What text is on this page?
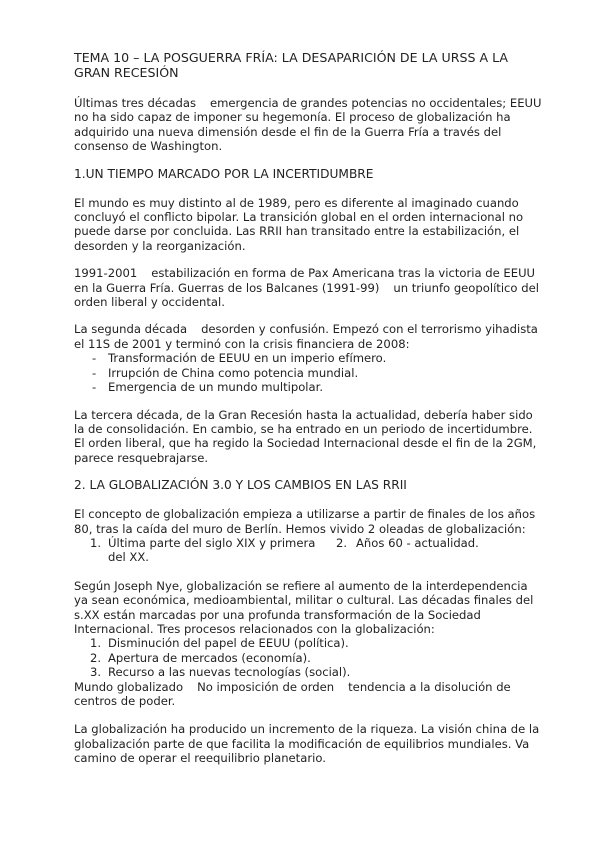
TEMA 10 – LA POSGUERRA FRÍA: LA DESAPARICIÓN DE LA URSS A LA GRAN RECESIÓN

Últimas tres décadas emergencia de grandes potencias no occidentales; EEUU no ha sido capaz de imponer su hegemonía. El proceso de globalización ha adquirido una nueva dimensión desde el fin de la Guerra Fría a través del consenso de Washington.

1.UN TIEMPO MARCADO POR LA INCERTIDUMBRE

El mundo es muy distinto al de 1989, pero es diferente al imaginado cuando concluyó el conflicto bipolar. La transición global en el orden internacional no puede darse por concluida. Las RRII han transitado entre la estabilización, el desorden y la reorganización.

1991-2001 estabilización en forma de Pax Americana tras la victoria de EEUU en la Guerra Fría. Guerras de los Balcanes (1991-99) un triunfo geopolítico del orden liberal y occidental.

La segunda década desorden y confusión. Empezó con el terrorismo yihadista el 11S de 2001 y terminó con la crisis financiera de 2008:

- Transformación de EEUU en un imperio efímero.
- Irrupción de China como potencia mundial.
- Emergencia de un mundo multipolar.

La tercera década, de la Gran Recesión hasta la actualidad, debería haber sido la de consolidación. En cambio, se ha entrado en un periodo de incertidumbre. El orden liberal, que ha regido la Sociedad Internacional desde el fin de la 2GM, parece resquebrajarse.

2. LA GLOBALIZACIÓN 3.0 Y LOS CAMBIOS EN LAS RRII

El concepto de globalización empieza a utilizarse a partir de finales de los años 80, tras la caída del muro de Berlín. Hemos vivido 2 oleadas de globalización:

1. Última parte del siglo XIX y primera del XX.
2. Años 60 - actualidad.

Según Joseph Nye, globalización se refiere al aumento de la interdependencia ya sean económica, medioambiental, militar o cultural. Las décadas finales del s.XX están marcadas por una profunda transformación de la Sociedad Internacional. Tres procesos relacionados con la globalización:

1. Disminución del papel de EEUU (política).
2. Apertura de mercados (economía).
3. Recurso a las nuevas tecnologías (social).

Mundo globalizado No imposición de orden tendencia a la disolución de centros de poder.

La globalización ha producido un incremento de la riqueza. La visión china de la globalización parte de que facilita la modificación de equilibrios mundiales. Va camino de operar el reequilibrio planetario.
